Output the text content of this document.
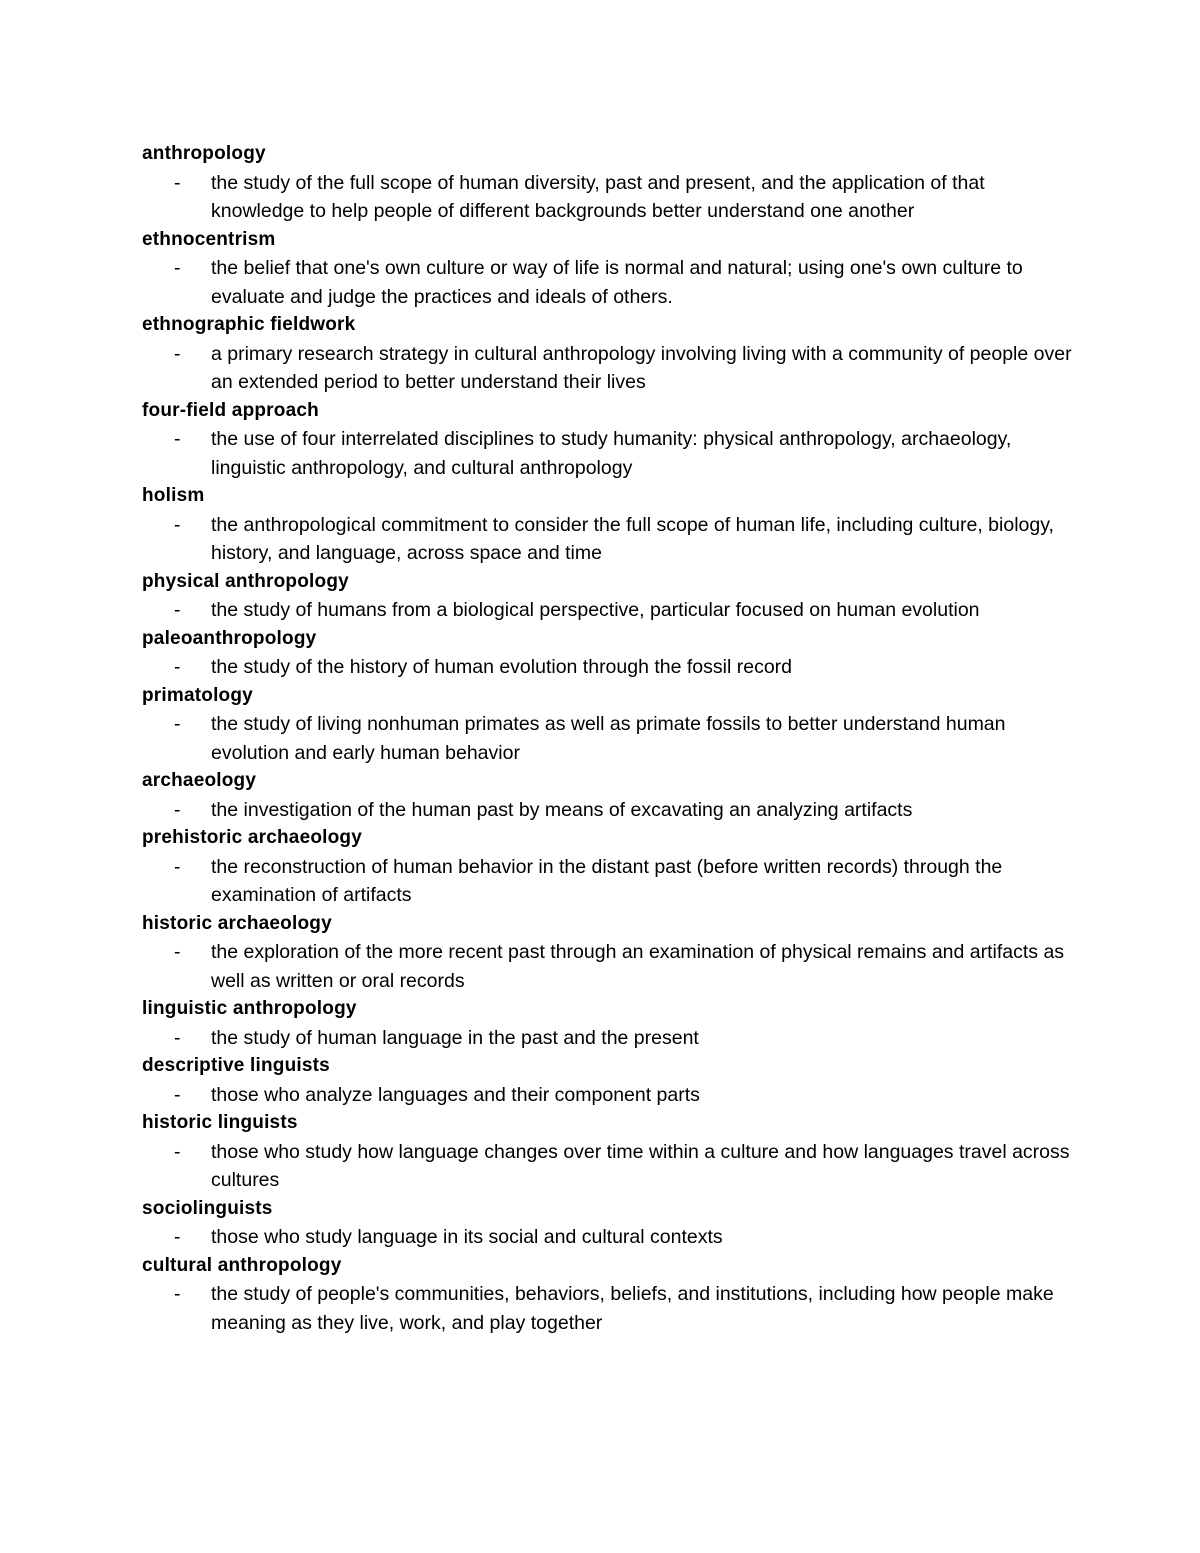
anthropology
- the study of the full scope of human diversity, past and present, and the application of that knowledge to help people of different backgrounds better understand one another
ethnocentrism
- the belief that one's own culture or way of life is normal and natural; using one's own culture to evaluate and judge the practices and ideals of others.
ethnographic fieldwork
- a primary research strategy in cultural anthropology involving living with a community of people over an extended period to better understand their lives
four-field approach
- the use of four interrelated disciplines to study humanity: physical anthropology, archaeology, linguistic anthropology, and cultural anthropology
holism
- the anthropological commitment to consider the full scope of human life, including culture, biology, history, and language, across space and time
physical anthropology
- the study of humans from a biological perspective, particular focused on human evolution
paleoanthropology
- the study of the history of human evolution through the fossil record
primatology
- the study of living nonhuman primates as well as primate fossils to better understand human evolution and early human behavior
archaeology
- the investigation of the human past by means of excavating an analyzing artifacts
prehistoric archaeology
- the reconstruction of human behavior in the distant past (before written records) through the examination of artifacts
historic archaeology
- the exploration of the more recent past through an examination of physical remains and artifacts as well as written or oral records
linguistic anthropology
- the study of human language in the past and the present
descriptive linguists
- those who analyze languages and their component parts
historic linguists
- those who study how language changes over time within a culture and how languages travel across cultures
sociolinguists
- those who study language in its social and cultural contexts
cultural anthropology
- the study of people's communities, behaviors, beliefs, and institutions, including how people make meaning as they live, work, and play together
